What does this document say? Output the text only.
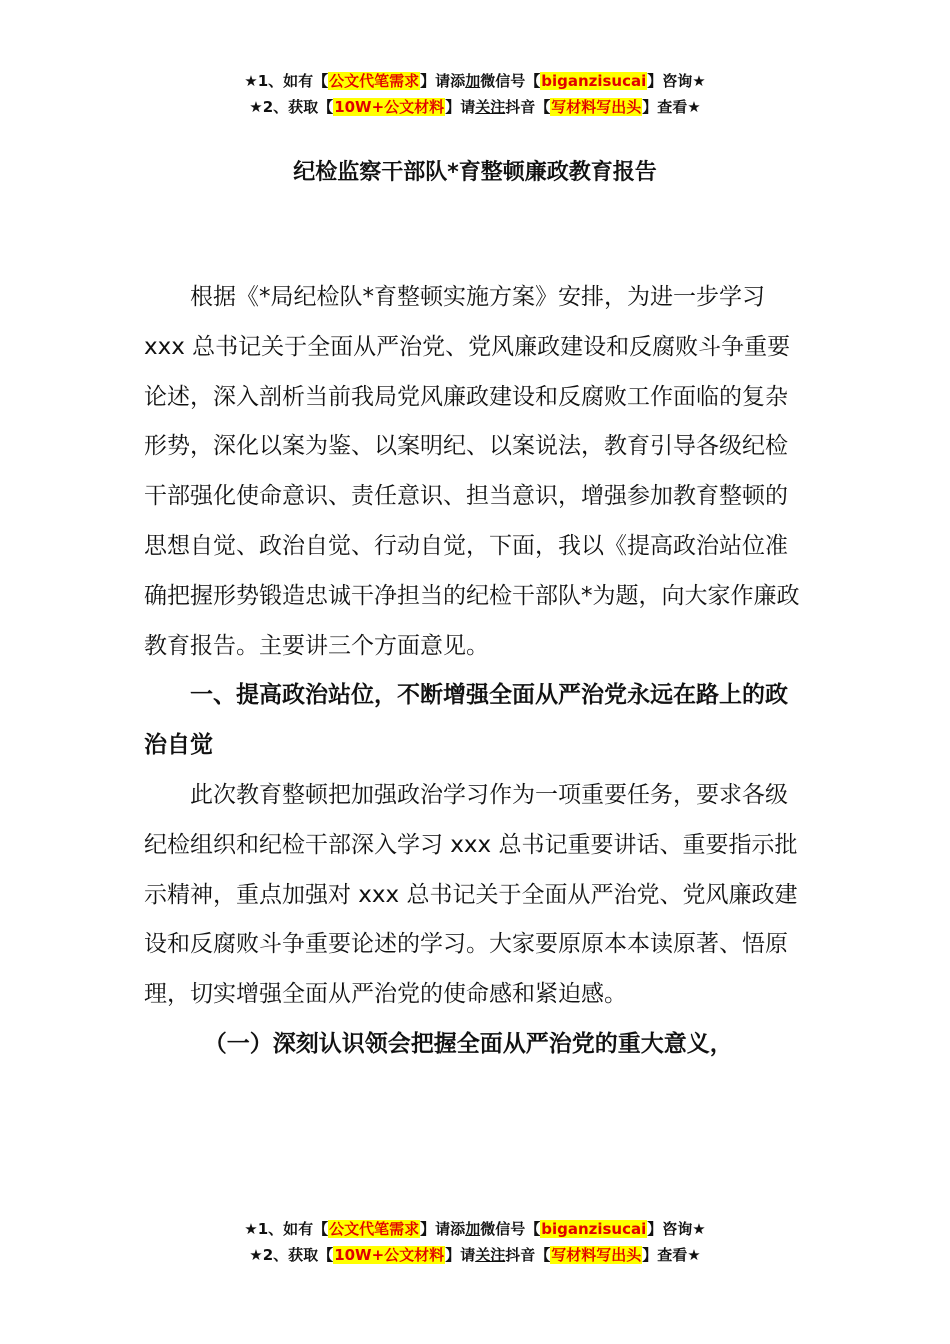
★1、如有【公文代笔需求】请添加微信号【biganzisucai】咨询★
★2、获取【10W+公文材料】请关注抖音【写材料写出头】查看★
纪检监察干部队*育整顿廉政教育报告

根据《*局纪检队*育整顿实施方案》安排，为进一步学习 xxx 总书记关于全面从严治党、党风廉政建设和反腐败斗争重要论述，深入剖析当前我局党风廉政建设和反腐败工作面临的复杂形势，深化以案为鉴、以案明纪、以案说法，教育引导各级纪检干部强化使命意识、责任意识、担当意识，增强参加教育整顿的思想自觉、政治自觉、行动自觉，下面，我以《提高政治站位准确把握形势锻造忠诚干净担当的纪检干部队*为题，向大家作廉政教育报告。主要讲三个方面意见。

一、提高政治站位，不断增强全面从严治党永远在路上的政治自觉

此次教育整顿把加强政治学习作为一项重要任务，要求各级纪检组织和纪检干部深入学习 xxx 总书记重要讲话、重要指示批示精神，重点加强对 xxx 总书记关于全面从严治党、党风廉政建设和反腐败斗争重要论述的学习。大家要原原本本读原著、悟原理，切实增强全面从严治党的使命感和紧迫感。

（一）深刻认识领会把握全面从严治党的重大意义，

★1、如有【公文代笔需求】请添加微信号【biganzisucai】咨询★
★2、获取【10W+公文材料】请关注抖音【写材料写出头】查看★
